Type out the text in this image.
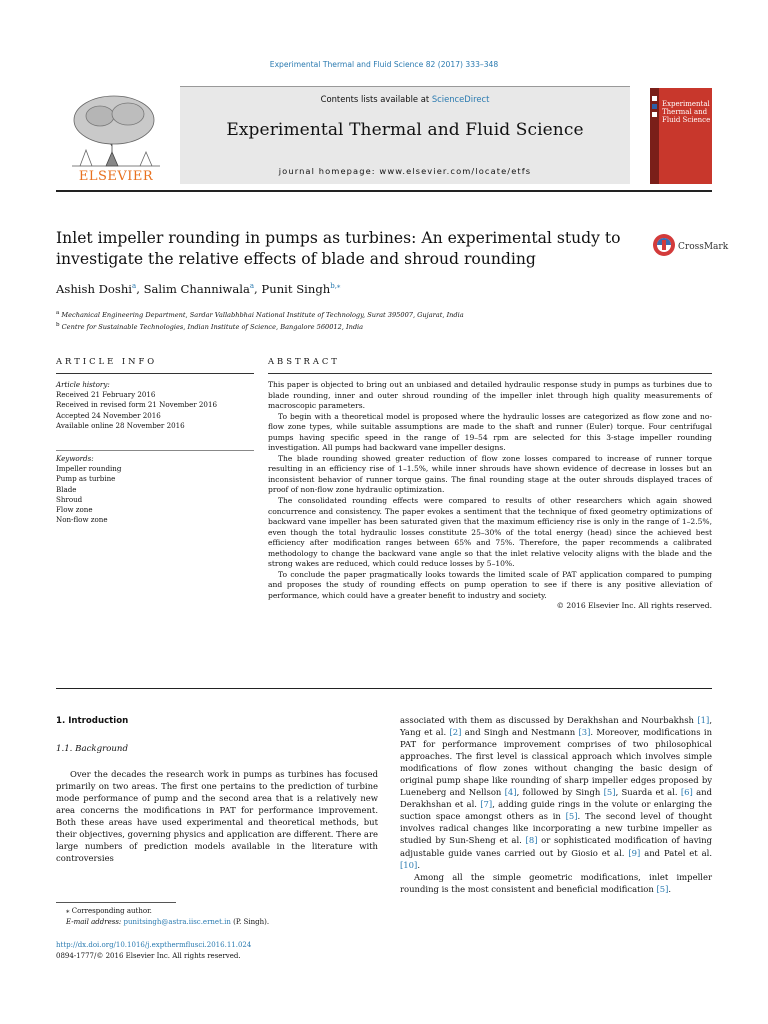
Experimental Thermal and Fluid Science 82 (2017) 333–348
ELSEVIER
Contents lists available at ScienceDirect
Experimental Thermal and Fluid Science
journal homepage: www.elsevier.com/locate/etfs
Experimental
Thermal and
Fluid Science
Inlet impeller rounding in pumps as turbines: An experimental study to investigate the relative effects of blade and shroud rounding
CrossMark
Ashish Doshi$^a$, Salim Channiwala$^a$, Punit Singh$^{b,⁎}$
$^a$ Mechanical Engineering Department, Sardar Vallabhbhai National Institute of Technology, Surat 395007, Gujarat, India
$^b$ Centre for Sustainable Technologies, Indian Institute of Science, Bangalore 560012, India
ARTICLE INFO	ABSTRACT
Article history:
Received 21 February 2016
Received in revised form 21 November 2016
Accepted 24 November 2016
Available online 28 November 2016
Keywords:
Impeller rounding
Pump as turbine
Blade
Shroud
Flow zone
Non-flow zone

This paper is objected to bring out an unbiased and detailed hydraulic response study in pumps as turbines due to blade rounding, inner and outer shroud rounding of the impeller inlet through high quality measurements of macroscopic parameters.

To begin with a theoretical model is proposed where the hydraulic losses are categorized as flow zone and no-flow zone types, while suitable assumptions are made to the shaft and runner (Euler) torque. Four centrifugal pumps having specific speed in the range of 19–54 rpm are selected for this 3-stage impeller rounding investigation. All pumps had backward vane impeller designs.

The blade rounding showed greater reduction of flow zone losses compared to increase of runner torque resulting in an efficiency rise of 1–1.5%, while inner shrouds have shown evidence of decrease in losses but an inconsistent behavior of runner torque gains. The final rounding stage at the outer shrouds displayed traces of proof of non-flow zone hydraulic optimization.

The consolidated rounding effects were compared to results of other researchers which again showed concurrence and consistency. The paper evokes a sentiment that the technique of fixed geometry optimizations of backward vane impeller has been saturated given that the maximum efficiency rise is only in the range of 1–2.5%, even though the total hydraulic losses constitute 25–30% of the total energy (head) since the achieved best efficiency after modification ranges between 65% and 75%. Therefore, the paper recommends a calibrated methodology to change the backward vane angle so that the inlet relative velocity aligns with the blade and the strong wakes are reduced, which could reduce losses by 5–10%.

To conclude the paper pragmatically looks towards the limited scale of PAT application compared to pumping and proposes the study of rounding effects on pump operation to see if there is any positive alleviation of performance, which could have a greater benefit to industry and society.

© 2016 Elsevier Inc. All rights reserved.

1. Introduction
1.1. Background

Over the decades the research work in pumps as turbines has focused primarily on two areas. The first one pertains to the prediction of turbine mode performance of pump and the second area that is a relatively new area concerns the modifications in PAT for performance improvement. Both these areas have used experimental and theoretical methods, but their objectives, governing physics and application are different. There are large numbers of prediction models available in the literature with controversies

associated with them as discussed by Derakhshan and Nourbakhsh [1], Yang et al. [2] and Singh and Nestmann [3]. Moreover, modifications in PAT for performance improvement comprises of two philosophical approaches. The first level is classical approach which involves simple modifications of flow zones without changing the basic design of original pump shape like rounding of sharp impeller edges proposed by Lueneberg and Nellson [4], followed by Singh [5], Suarda et al. [6] and Derakhshan et al. [7], adding guide rings in the volute or enlarging the suction space amongst others as in [5]. The second level of thought involves radical changes like incorporating a new turbine impeller as studied by Sun-Sheng et al. [8] or sophisticated modification of having adjustable guide vanes carried out by Giosio et al. [9] and Patel et al. [10].

Among all the simple geometric modifications, inlet impeller rounding is the most consistent and beneficial modification [5].

⁎ Corresponding author.
E-mail address: punitsingh@astra.iisc.ernet.in (P. Singh).
http://dx.doi.org/10.1016/j.expthermflusci.2016.11.024
0894-1777/© 2016 Elsevier Inc. All rights reserved.
